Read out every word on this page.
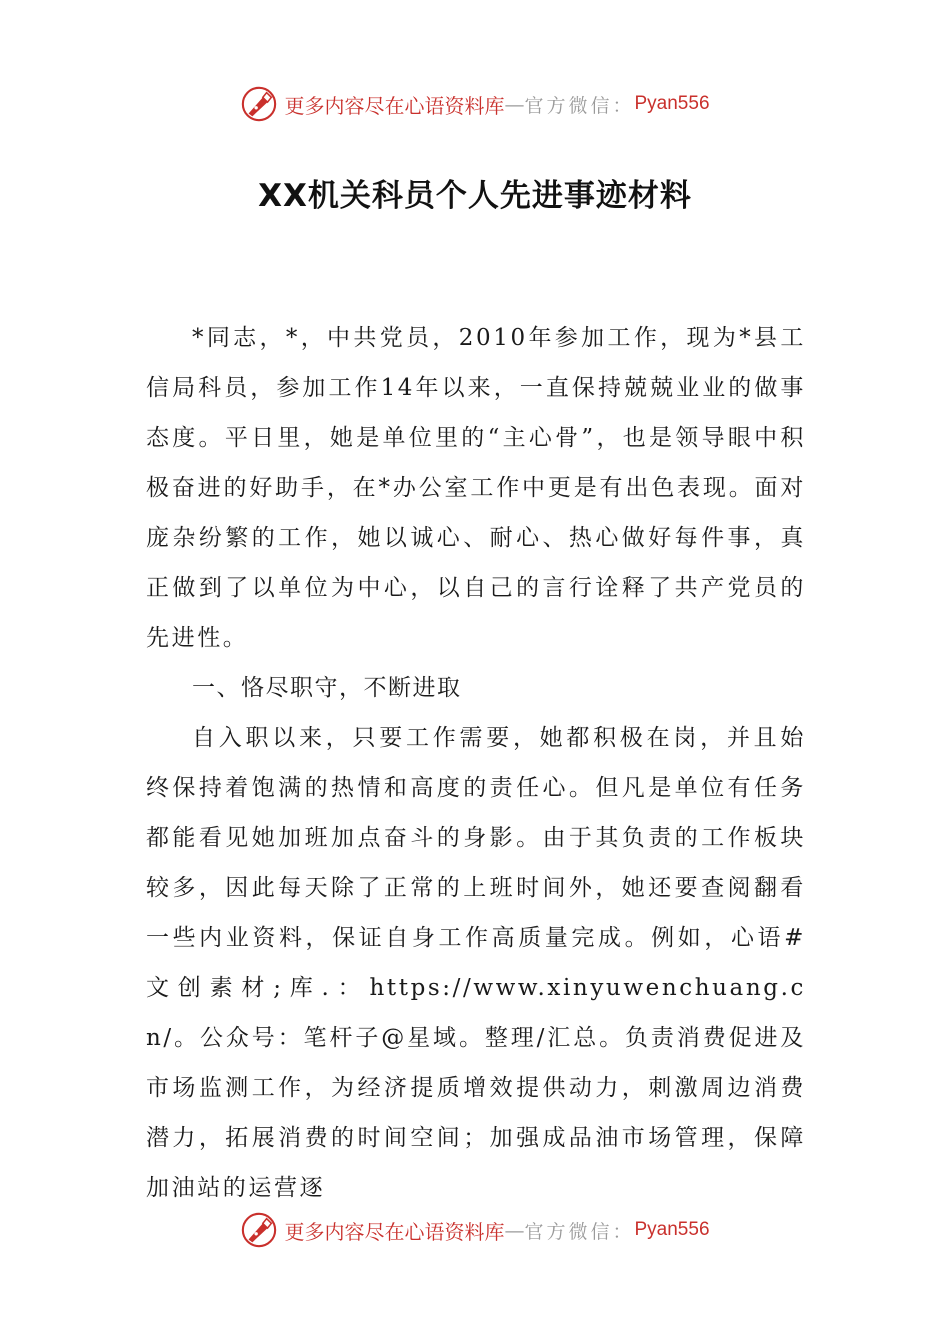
更多内容尽在心语资料库 — 官方微信： Pyan556
XX机关科员个人先进事迹材料

*同志，*，中共党员，2010年参加工作，现为*县工信局科员，参加工作14年以来，一直保持兢兢业业的做事态度。平日里，她是单位里的“主心骨”，也是领导眼中积极奋进的好助手，在*办公室工作中更是有出色表现。面对庞杂纷繁的工作，她以诚心、耐心、热心做好每件事，真正做到了以单位为中心，以自己的言行诠释了共产党员的先进性。

一、恪尽职守，不断进取

自入职以来，只要工作需要，她都积极在岗，并且始终保持着饱满的热情和高度的责任心。但凡是单位有任务都能看见她加班加点奋斗的身影。由于其负责的工作板块较多，因此每天除了正常的上班时间外，她还要查阅翻看一些内业资料，保证自身工作高质量完成。例如，心语#文创素材;库.：https://www.xinyuwenchuang.cn/。公众号：笔杆子@星域。整理/汇总。负责消费促进及市场监测工作，为经济提质增效提供动力，刺激周边消费潜力，拓展消费的时间空间；加强成品油市场管理，保障加油站的运营逐

更多内容尽在心语资料库 — 官方微信： Pyan556
